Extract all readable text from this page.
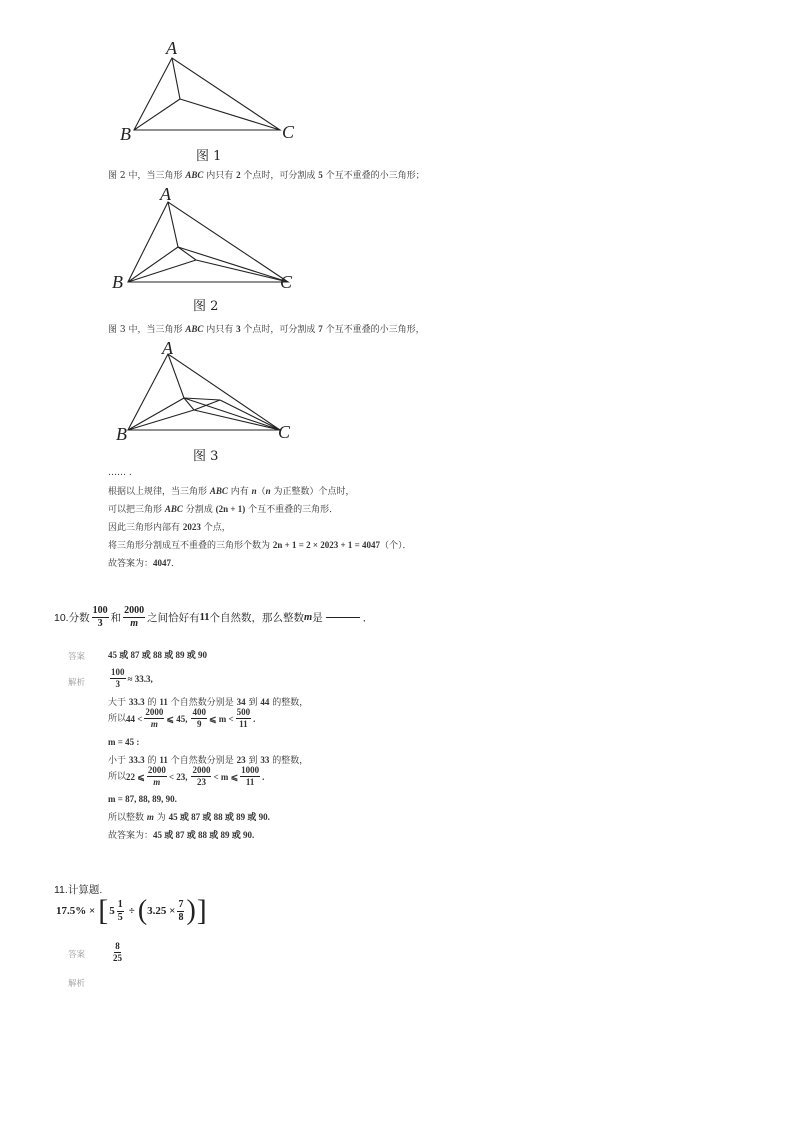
A
B	C
图 1
图 2 中，当三角形 ABC 内只有 2 个点时，可分割成 5 个互不重叠的小三角形；
A
B	C
图 2
图 3 中，当三角形 ABC 内只有 3 个点时，可分割成 7 个互不重叠的小三角形，
A
B	C
图 3
…… .
根据以上规律，当三角形 ABC 内有 n（n 为正整数）个点时，
可以把三角形 ABC 分割成 (2n + 1) 个互不重叠的三角形．
因此三角形内部有 2023 个点，
将三角形分割成互不重叠的三角形个数为 2n + 1 = 2 × 2023 + 1 = 4047（个）．
故答案为：4047．
10. 分数 $\frac{100}{3}$ 和 $\frac{2000}{m}$ 之间恰好有 11 个自然数，那么整数 m 是	．
答案	45 或 87 或 88 或 89 或 90
解析	$\frac{100}{3} \approx 33.3$,
大于 33.3 的 11 个自然数分别是 34 到 44 的整数，
所以 $44 < \frac{2000}{m}$ ⩽ 45, $\frac{400}{9}$ ⩽ $m < \frac{500}{11}$ .
m = 45 :
小于 33.3 的 11 个自然数分别是 23 到 33 的整数，
所以 22 ⩽ $\frac{2000}{m} < 23$, $\frac{2000}{23} < m$ ⩽ $\frac{1000}{11}$ .
m = 87, 88, 89, 90.
所以整数 m 为 45 或 87 或 88 或 89 或 90.
故答案为：45 或 87 或 88 或 89 或 90.
11.计算题.
17.5% × [ $5 \frac{1}{5}$ ÷ ( $3.25 \times \frac{7}{8}$ ) ]
答案	$\frac{8}{25}$
解析
